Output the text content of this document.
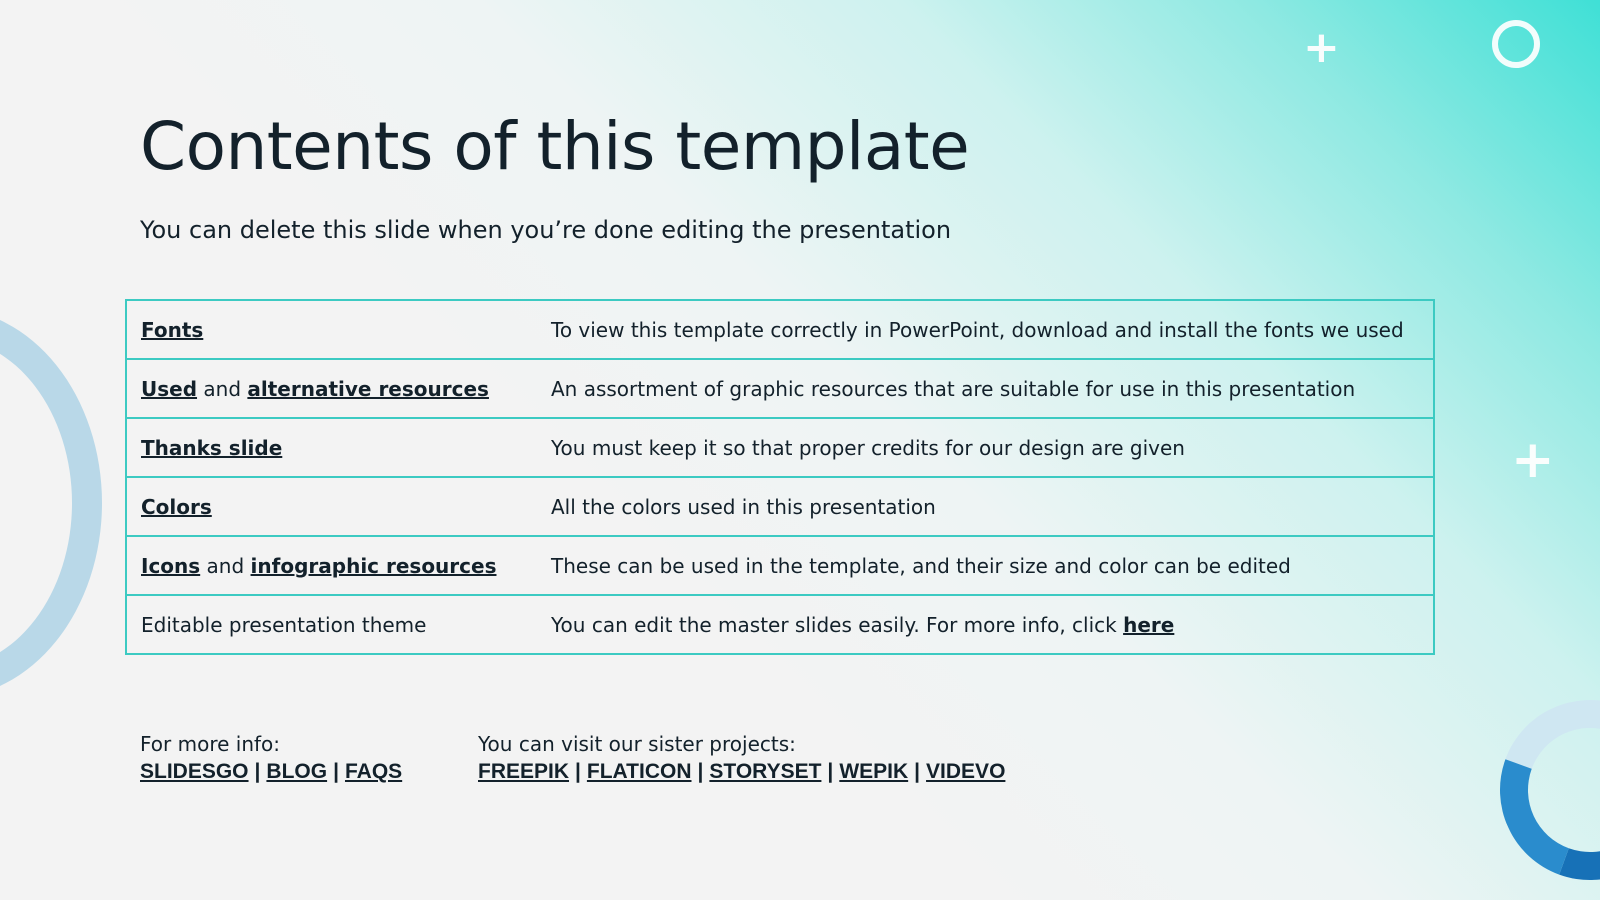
+
+
Contents of this template
You can delete this slide when you’re done editing the presentation
Fonts	To view this template correctly in PowerPoint, download and install the fonts we used
Used and alternative resources	An assortment of graphic resources that are suitable for use in this presentation
Thanks slide	You must keep it so that proper credits for our design are given
Colors	All the colors used in this presentation
Icons and infographic resources	These can be used in the template, and their size and color can be edited
Editable presentation theme	You can edit the master slides easily. For more info, click here
For more info:
SLIDESGO | BLOG | FAQS
You can visit our sister projects:
FREEPIK | FLATICON | STORYSET | WEPIK | VIDEVO
